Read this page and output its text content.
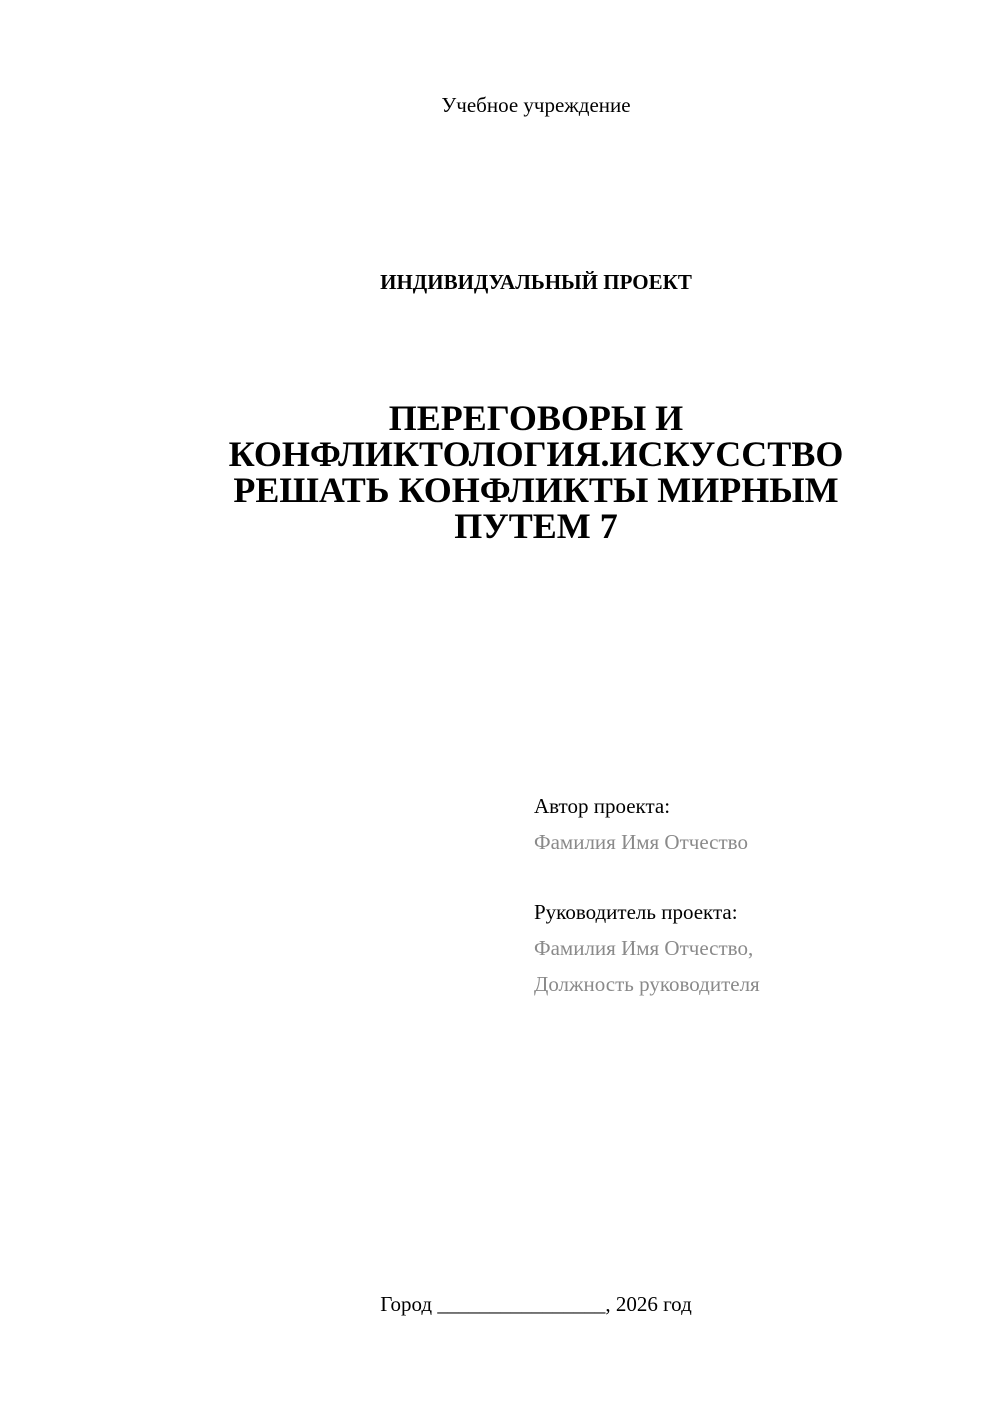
Учебное учреждение
ИНДИВИДУАЛЬНЫЙ ПРОЕКТ
ПЕРЕГОВОРЫ И
КОНФЛИКТОЛОГИЯ.ИСКУССТВО
РЕШАТЬ КОНФЛИКТЫ МИРНЫМ
ПУТЕМ 7
Автор проекта:
Фамилия Имя Отчество
Руководитель проекта:
Фамилия Имя Отчество,
Должность руководителя
Город ________________, 2026 год
